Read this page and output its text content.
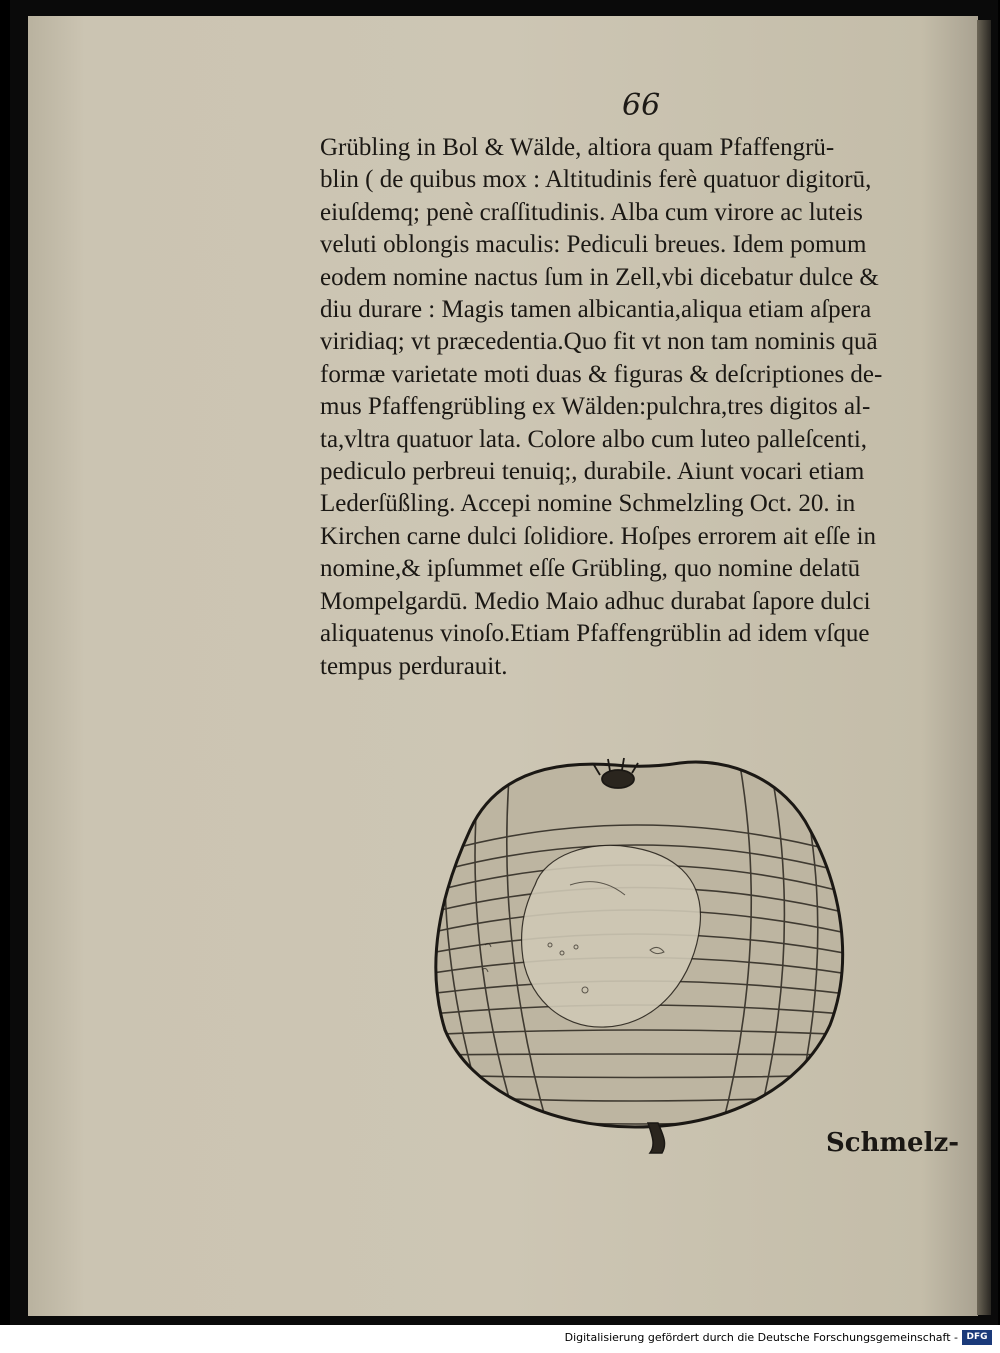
66
Grübling in Bol & Wälde, altiora quam Pfaffengrü-
blin ( de quibus mox : Altitudinis ferè quatuor digitorū,
eiuſdemq; penè craſſitudinis. Alba cum virore ac luteis
veluti oblongis maculis: Pediculi breues. Idem pomum
eodem nomine nactus ſum in Zell,vbi dicebatur dulce &
diu durare : Magis tamen albicantia,aliqua etiam aſpera
viridiaq; vt præcedentia.Quo fit vt non tam nominis quā
formæ varietate moti duas & figuras & deſcriptiones de-
mus Pfaffengrübling ex Wälden:pulchra,tres digitos al-
ta,vltra quatuor lata. Colore albo cum luteo palleſcenti,
pediculo perbreui tenuiq;, durabile. Aiunt vocari etiam
Lederſüßling. Accepi nomine Schmelzling Oct. 20. in
Kirchen carne dulci ſolidiore. Hoſpes errorem ait eſſe in
nomine,& ipſummet eſſe Grübling, quo nomine delatū
Mompelgardū. Medio Maio adhuc durabat ſapore dulci
aliquatenus vinoſo.Etiam Pfaffengrüblin ad idem vſque
tempus perdurauit.
Schmelz-
Digitalisierung gefördert durch die Deutsche Forschungsgemeinschaft - DFG
